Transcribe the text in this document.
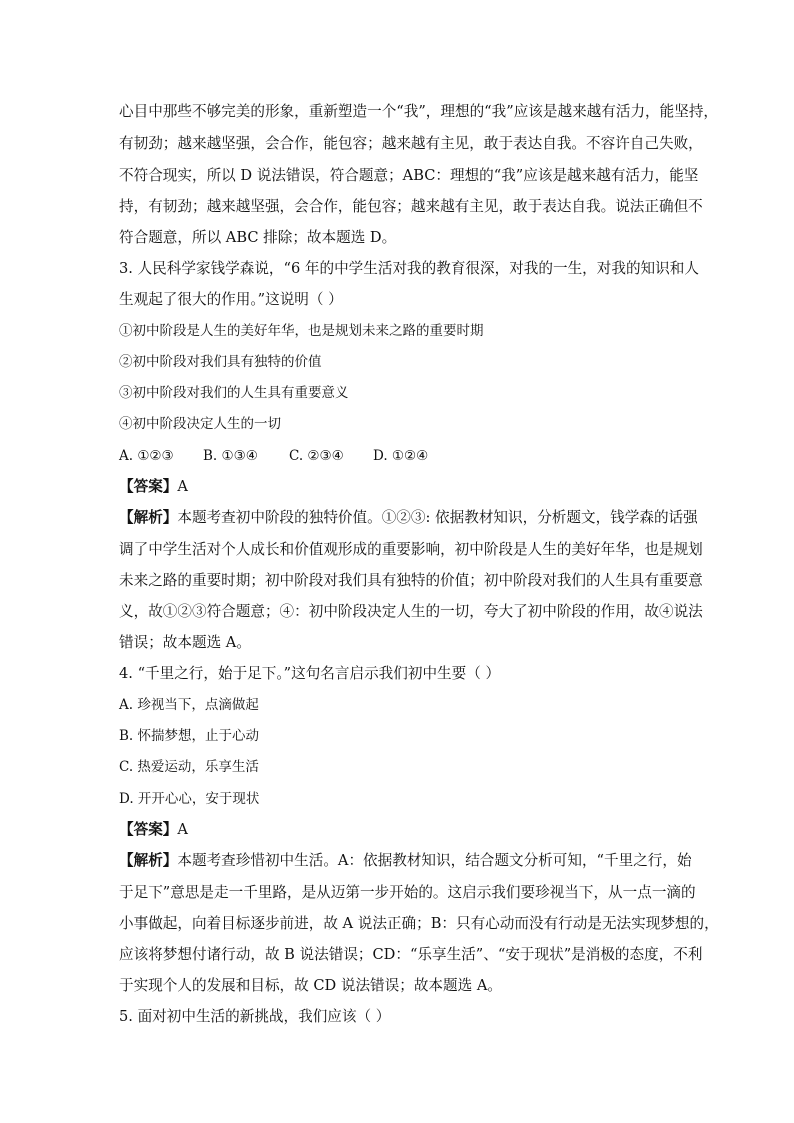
心目中那些不够完美的形象，重新塑造一个“我”，理想的“我”应该是越来越有活力，能坚持，
有韧劲；越来越坚强，会合作，能包容；越来越有主见，敢于表达自我。不容许自己失败，
不符合现实，所以 D 说法错误，符合题意；ABC：理想的“我”应该是越来越有活力，能坚
持，有韧劲；越来越坚强，会合作，能包容；越来越有主见，敢于表达自我。说法正确但不
符合题意，所以 ABC 排除；故本题选 D。
3. 人民科学家钱学森说，“6 年的中学生活对我的教育很深，对我的一生，对我的知识和人
生观起了很大的作用。”这说明（ ）
①初中阶段是人生的美好年华，也是规划未来之路的重要时期
②初中阶段对我们具有独特的价值
③初中阶段对我们的人生具有重要意义
④初中阶段决定人生的一切
A. ①②③ B. ①③④ C. ②③④ D. ①②④
【答案】A
【解析】本题考查初中阶段的独特价值。①②③: 依据教材知识，分析题文，钱学森的话强
调了中学生活对个人成长和价值观形成的重要影响，初中阶段是人生的美好年华，也是规划
未来之路的重要时期；初中阶段对我们具有独特的价值；初中阶段对我们的人生具有重要意
义，故①②③符合题意；④：初中阶段决定人生的一切，夸大了初中阶段的作用，故④说法
错误；故本题选 A。
4. “千里之行，始于足下。”这句名言启示我们初中生要（ ）
A. 珍视当下，点滴做起
B. 怀揣梦想，止于心动
C. 热爱运动，乐享生活
D. 开开心心，安于现状
【答案】A
【解析】本题考查珍惜初中生活。A：依据教材知识，结合题文分析可知，“千里之行，始
于足下”意思是走一千里路，是从迈第一步开始的。这启示我们要珍视当下，从一点一滴的
小事做起，向着目标逐步前进，故 A 说法正确；B：只有心动而没有行动是无法实现梦想的，
应该将梦想付诸行动，故 B 说法错误；CD：“乐享生活”、“安于现状”是消极的态度，不利
于实现个人的发展和目标，故 CD 说法错误；故本题选 A。
5. 面对初中生活的新挑战，我们应该（ ）
